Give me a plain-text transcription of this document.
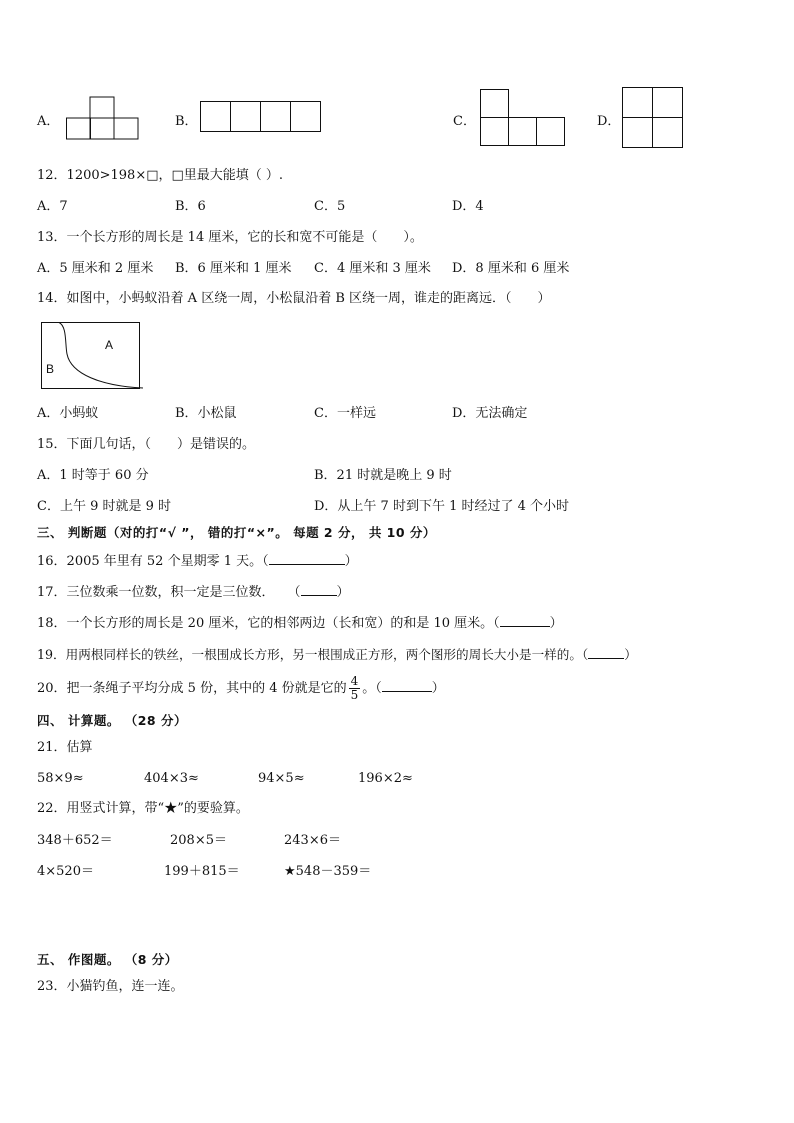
A．	B．	C．	D．
12．1200>198×□，□里最大能填（ ）.
A．7	B．6	C．5	D．4
13．一个长方形的周长是 14 厘米，它的长和宽不可能是（　　）。
A．5 厘米和 2 厘米 B．6 厘米和 1 厘米 C．4 厘米和 3 厘米 D．8 厘米和 6 厘米
14．如图中，小蚂蚁沿着 A 区绕一周，小松鼠沿着 B 区绕一周，谁走的距离远．（　　）
A
B
A．小蚂蚁	B．小松鼠	C．一样远	D．无法确定
15．下面几句话，（　　）是错误的。
A．1 时等于 60 分	B．21 时就是晚上 9 时
C．上午 9 时就是 9 时	D．从上午 7 时到下午 1 时经过了 4 个小时
三、 判断题（对的打“√ ”， 错的打“×”。 每题 2 分， 共 10 分）
16．2005 年里有 52 个星期零 1 天。（	）
17．三位数乘一位数，积一定是三位数．　　（	）
18．一个长方形的周长是 20 厘米，它的相邻两边（长和宽）的和是 10 厘米。（	）
19．用两根同样长的铁丝，一根围成长方形，另一根围成正方形，两个图形的周长大小是一样的。（	）
20．把一条绳子平均分成 5 份，其中的 4 份就是它的 $\frac{4}{5}$ 。（	）
四、 计算题。 （28 分）
21．估算
58×9≈	404×3≈	94×5≈	196×2≈
22．用竖式计算，带“★”的要验算。
348＋652＝	208×5＝	243×6＝
4×520＝	199＋815＝	★548－359＝
五、 作图题。 （8 分）
23．小猫钓鱼，连一连。
